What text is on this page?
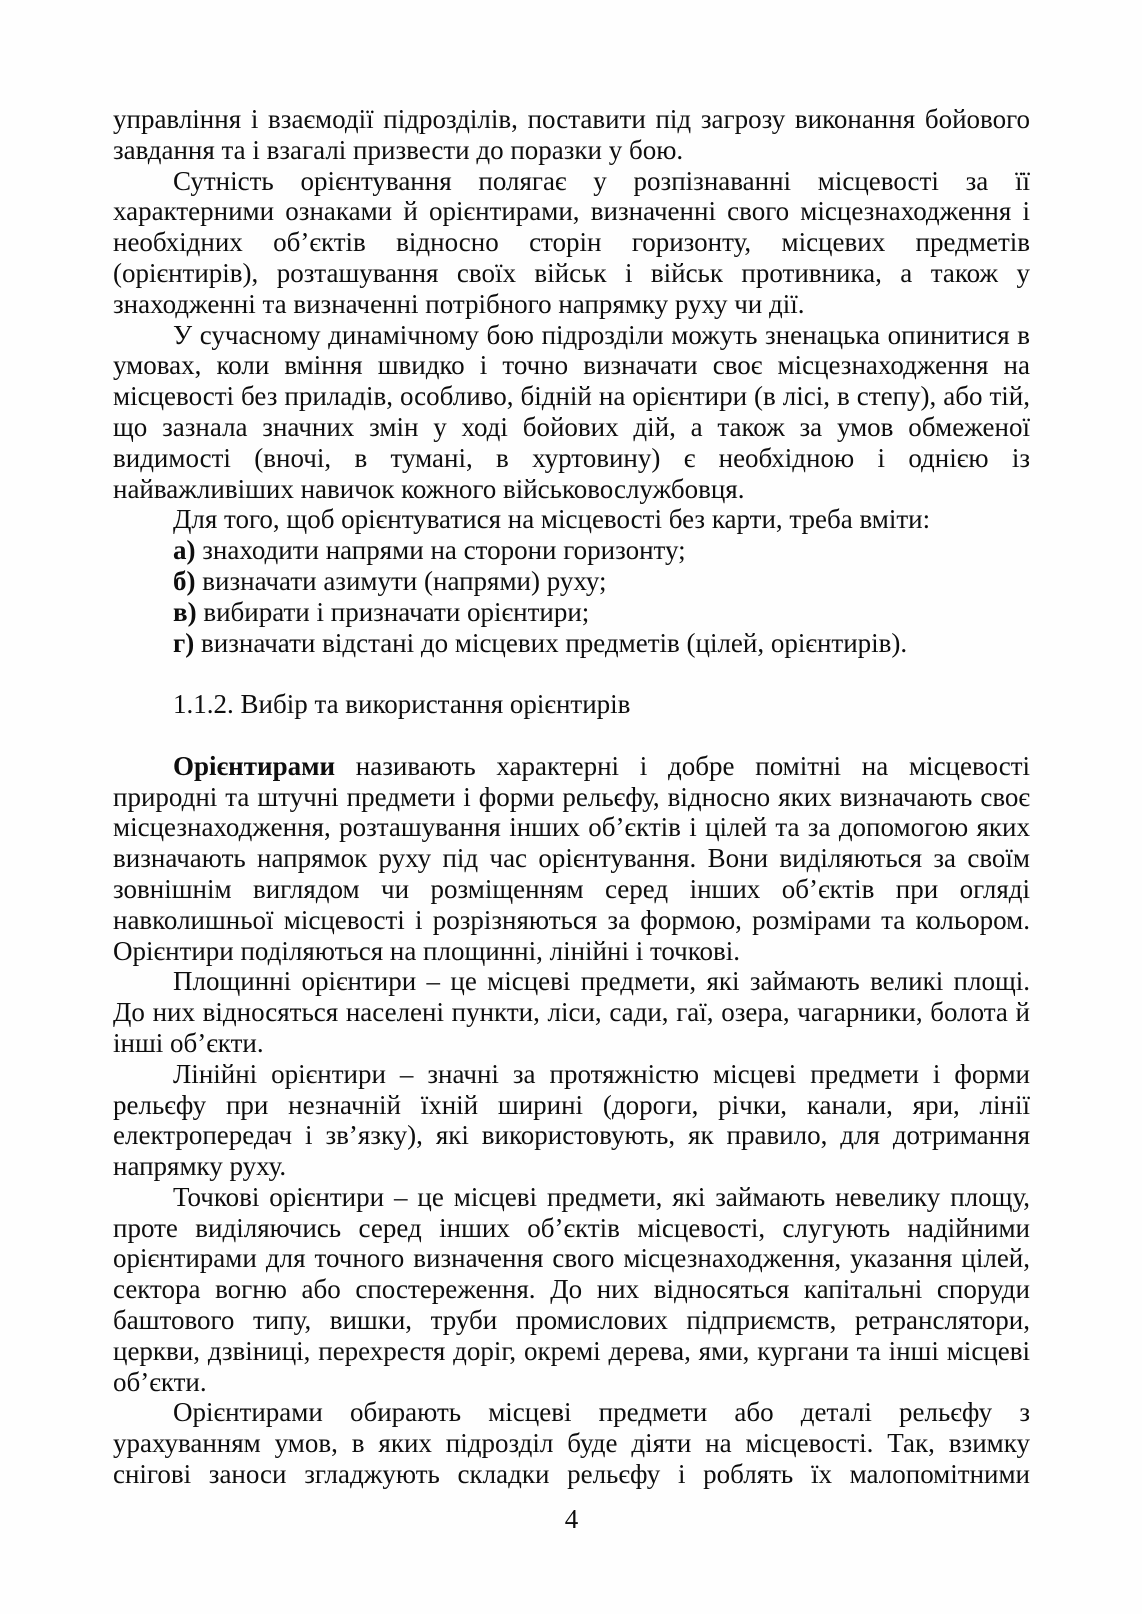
управління і взаємодії підрозділів, поставити під загрозу виконання бойового завдання та і взагалі призвести до поразки у бою.

Сутність орієнтування полягає у розпізнаванні місцевості за її характерними ознаками й орієнтирами, визначенні свого місцезнаходження і необхідних об’єктів відносно сторін горизонту, місцевих предметів (орієнтирів), розташування своїх військ і військ противника, а також у знаходженні та визначенні потрібного напрямку руху чи дії.

У сучасному динамічному бою підрозділи можуть зненацька опинитися в умовах, коли вміння швидко і точно визначати своє місцезнаходження на місцевості без приладів, особливо, бідній на орієнтири (в лісі, в степу), або тій, що зазнала значних змін у ході бойових дій, а також за умов обмеженої видимості (вночі, в тумані, в хуртовину) є необхідною і однією із найважливіших навичок кожного військовослужбовця.

Для того, щоб орієнтуватися на місцевості без карти, треба вміти:

а) знаходити напрями на сторони горизонту;
б) визначати азимути (напрями) руху;
в) вибирати і призначати орієнтири;
г) визначати відстані до місцевих предметів (цілей, орієнтирів).
1.1.2. Вибір та використання орієнтирів

Орієнтирами називають характерні і добре помітні на місцевості природні та штучні предмети і форми рельєфу, відносно яких визначають своє місцезнаходження, розташування інших об’єктів і цілей та за допомогою яких визначають напрямок руху під час орієнтування. Вони виділяються за своїм зовнішнім виглядом чи розміщенням серед інших об’єктів при огляді навколишньої місцевості і розрізняються за формою, розмірами та кольором. Орієнтири поділяються на площинні, лінійні і точкові.

Площинні орієнтири – це місцеві предмети, які займають великі площі. До них відносяться населені пункти, ліси, сади, гаї, озера, чагарники, болота й інші об’єкти.

Лінійні орієнтири – значні за протяжністю місцеві предмети і форми рельєфу при незначній їхній ширині (дороги, річки, канали, яри, лінії електропередач і зв’язку), які використовують, як правило, для дотримання напрямку руху.

Точкові орієнтири – це місцеві предмети, які займають невелику площу, проте виділяючись серед інших об’єктів місцевості, слугують надійними орієнтирами для точного визначення свого місцезнаходження, указання цілей, сектора вогню або спостереження. До них відносяться капітальні споруди баштового типу, вишки, труби промислових підприємств, ретранслятори, церкви, дзвіниці, перехрестя доріг, окремі дерева, ями, кургани та інші місцеві об’єкти.

Орієнтирами обирають місцеві предмети або деталі рельєфу з урахуванням умов, в яких підрозділ буде діяти на місцевості. Так, взимку снігові заноси згладжують складки рельєфу і роблять їх малопомітними

4
